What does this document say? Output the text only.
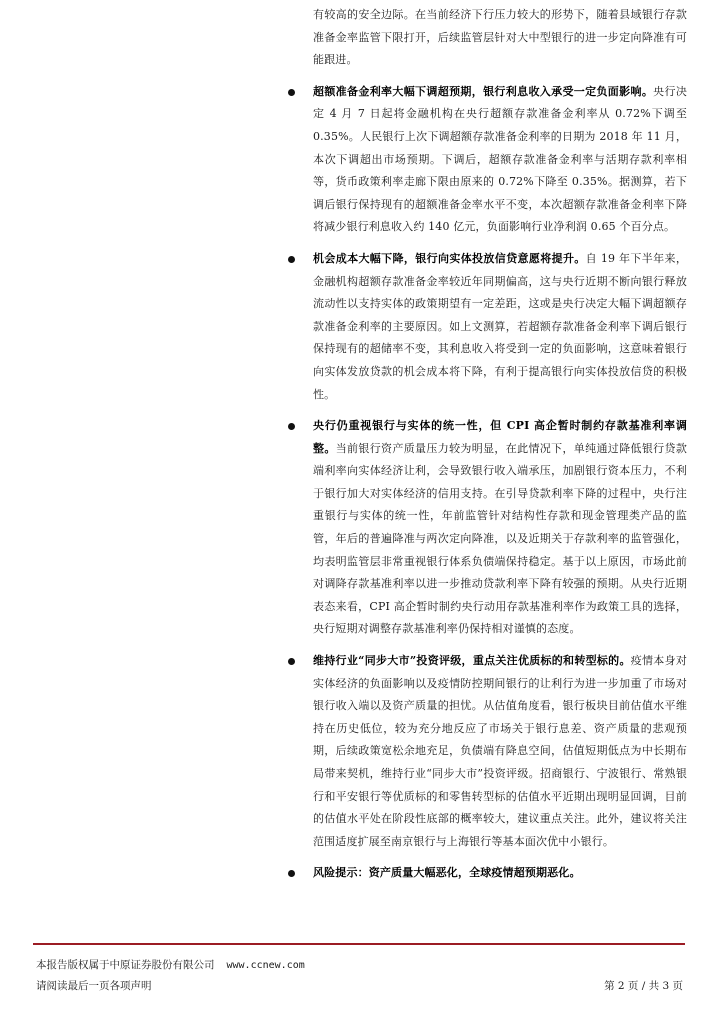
有较高的安全边际。在当前经济下行压力较大的形势下，随着县域银行存款准备金率监管下限打开，后续监管层针对大中型银行的进一步定向降准有可能跟进。

超额准备金利率大幅下调超预期，银行利息收入承受一定负面影响。央行决定 4 月 7 日起将金融机构在央行超额存款准备金利率从 0.72%下调至 0.35%。人民银行上次下调超额存款准备金利率的日期为 2018 年 11 月，本次下调超出市场预期。下调后，超额存款准备金利率与活期存款利率相等，货币政策利率走廊下限由原来的 0.72%下降至 0.35%。据测算，若下调后银行保持现有的超额准备金率水平不变，本次超额存款准备金利率下降将减少银行利息收入约 140 亿元，负面影响行业净利润 0.65 个百分点。
机会成本大幅下降，银行向实体投放信贷意愿将提升。自 19 年下半年来，金融机构超额存款准备金率较近年同期偏高，这与央行近期不断向银行释放流动性以支持实体的政策期望有一定差距，这或是央行决定大幅下调超额存款准备金利率的主要原因。如上文测算，若超额存款准备金利率下调后银行保持现有的超储率不变，其利息收入将受到一定的负面影响，这意味着银行向实体发放贷款的机会成本将下降，有利于提高银行向实体投放信贷的积极性。
央行仍重视银行与实体的统一性，但 CPI 高企暂时制约存款基准利率调整。当前银行资产质量压力较为明显，在此情况下，单纯通过降低银行贷款端利率向实体经济让利，会导致银行收入端承压，加剧银行资本压力，不利于银行加大对实体经济的信用支持。在引导贷款利率下降的过程中，央行注重银行与实体的统一性，年前监管针对结构性存款和现金管理类产品的监管，年后的普遍降准与两次定向降准，以及近期关于存款利率的监管强化，均表明监管层非常重视银行体系负债端保持稳定。基于以上原因，市场此前对调降存款基准利率以进一步推动贷款利率下降有较强的预期。从央行近期表态来看，CPI 高企暂时制约央行动用存款基准利率作为政策工具的选择，央行短期对调整存款基准利率仍保持相对谨慎的态度。
维持行业“同步大市”投资评级，重点关注优质标的和转型标的。疫情本身对实体经济的负面影响以及疫情防控期间银行的让利行为进一步加重了市场对银行收入端以及资产质量的担忧。从估值角度看，银行板块目前估值水平维持在历史低位，较为充分地反应了市场关于银行息差、资产质量的悲观预期，后续政策宽松余地充足，负债端有降息空间，估值短期低点为中长期布局带来契机，维持行业“同步大市”投资评级。招商银行、宁波银行、常熟银行和平安银行等优质标的和零售转型标的估值水平近期出现明显回调，目前的估值水平处在阶段性底部的概率较大，建议重点关注。此外，建议将关注范围适度扩展至南京银行与上海银行等基本面次优中小银行。
风险提示：资产质量大幅恶化，全球疫情超预期恶化。
本报告版权属于中原证券股份有限公司 www.ccnew.com
请阅读最后一页各项声明	第 2 页 / 共 3 页
